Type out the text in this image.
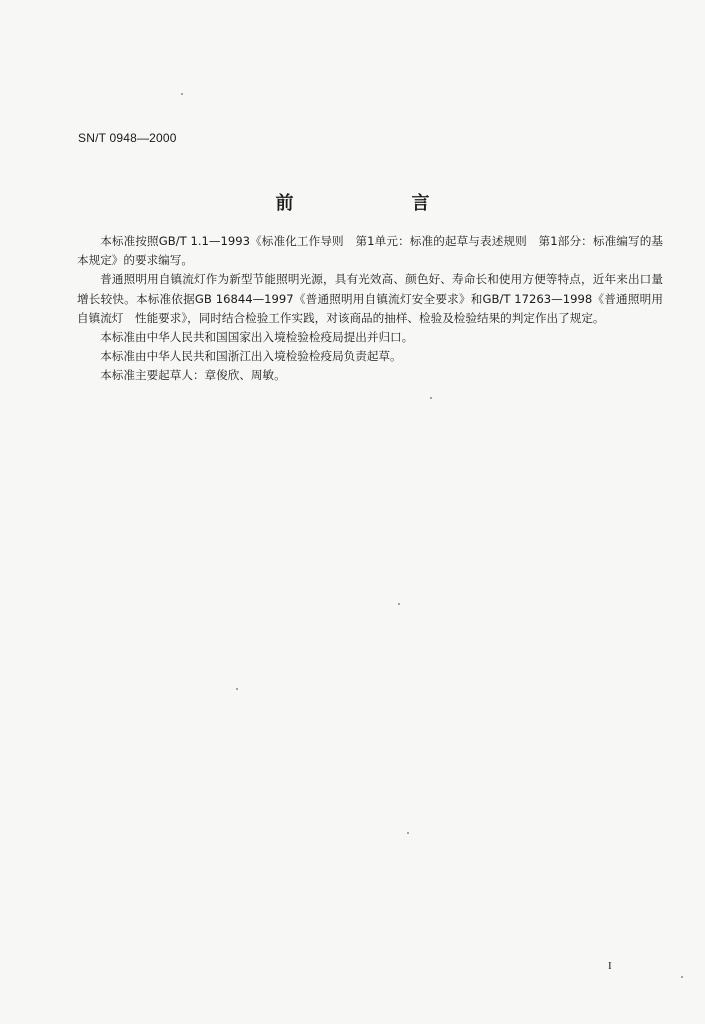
SN/T 0948—2000
前　言

本标准按照GB/T 1.1—1993《标准化工作导则　第1单元：标准的起草与表述规则　第1部分：标准编写的基本规定》的要求编写。

普通照明用自镇流灯作为新型节能照明光源，具有光效高、颜色好、寿命长和使用方便等特点，近年来出口量增长较快。本标准依据GB 16844—1997《普通照明用自镇流灯安全要求》和GB/T 17263—1998《普通照明用自镇流灯　性能要求》，同时结合检验工作实践，对该商品的抽样、检验及检验结果的判定作出了规定。

本标准由中华人民共和国国家出入境检验检疫局提出并归口。

本标准由中华人民共和国浙江出入境检验检疫局负责起草。

本标准主要起草人：章俊欣、周敏。

I
